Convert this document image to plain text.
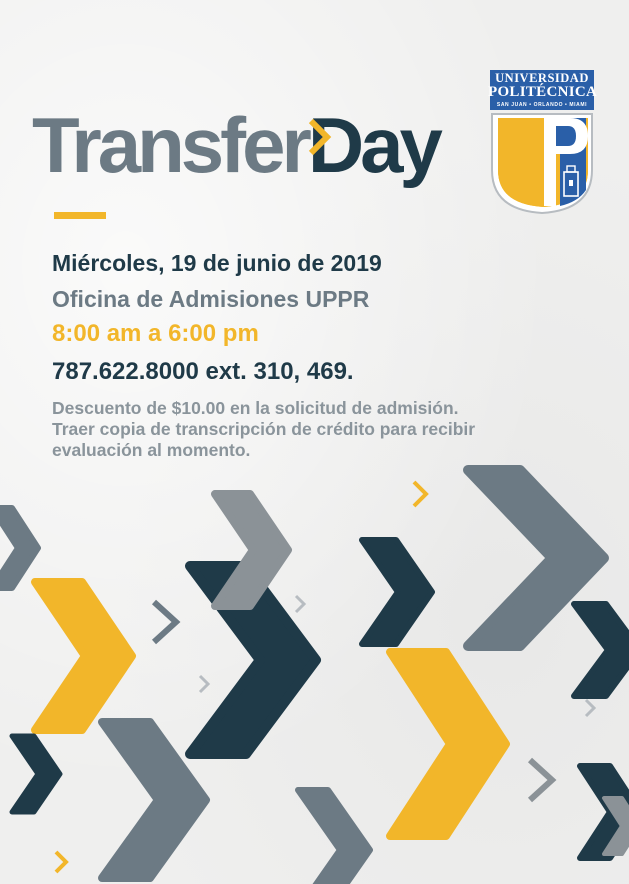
TransferDay
UNIVERSIDAD
POLITÉCNICA
SAN JUAN • ORLANDO • MIAMI
Miércoles, 19 de junio de 2019
Oficina de Admisiones UPPR
8:00 am a 6:00 pm
787.622.8000 ext. 310, 469.
Descuento de $10.00 en la solicitud de admisión.
Traer copia de transcripción de crédito para recibir
evaluación al momento.
